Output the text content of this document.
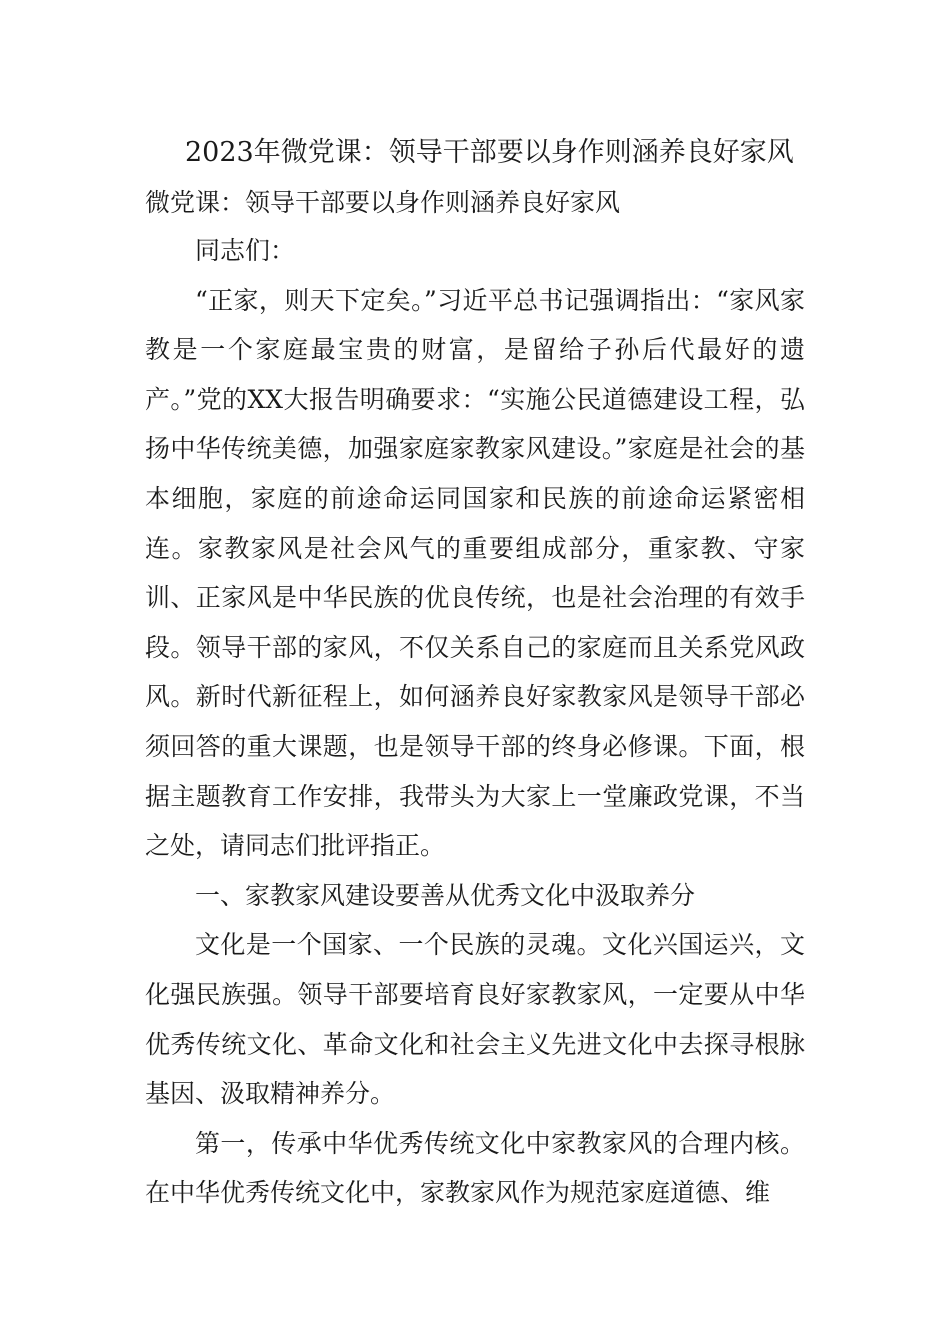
2023年微党课：领导干部要以身作则涵养良好家风
微党课：领导干部要以身作则涵养良好家风

同志们：

“正家，则天下定矣。”习近平总书记强调指出：“家风家教是一个家庭最宝贵的财富，是留给子孙后代最好的遗产。”党的XX大报告明确要求：“实施公民道德建设工程，弘扬中华传统美德，加强家庭家教家风建设。”家庭是社会的基本细胞，家庭的前途命运同国家和民族的前途命运紧密相连。家教家风是社会风气的重要组成部分，重家教、守家训、正家风是中华民族的优良传统，也是社会治理的有效手段。领导干部的家风，不仅关系自己的家庭而且关系党风政风。新时代新征程上，如何涵养良好家教家风是领导干部必须回答的重大课题，也是领导干部的终身必修课。下面，根据主题教育工作安排，我带头为大家上一堂廉政党课，不当之处，请同志们批评指正。

一、家教家风建设要善从优秀文化中汲取养分

文化是一个国家、一个民族的灵魂。文化兴国运兴，文化强民族强。领导干部要培育良好家教家风，一定要从中华优秀传统文化、革命文化和社会主义先进文化中去探寻根脉基因、汲取精神养分。

第一，传承中华优秀传统文化中家教家风的合理内核。在中华优秀传统文化中，家教家风作为规范家庭道德、维
